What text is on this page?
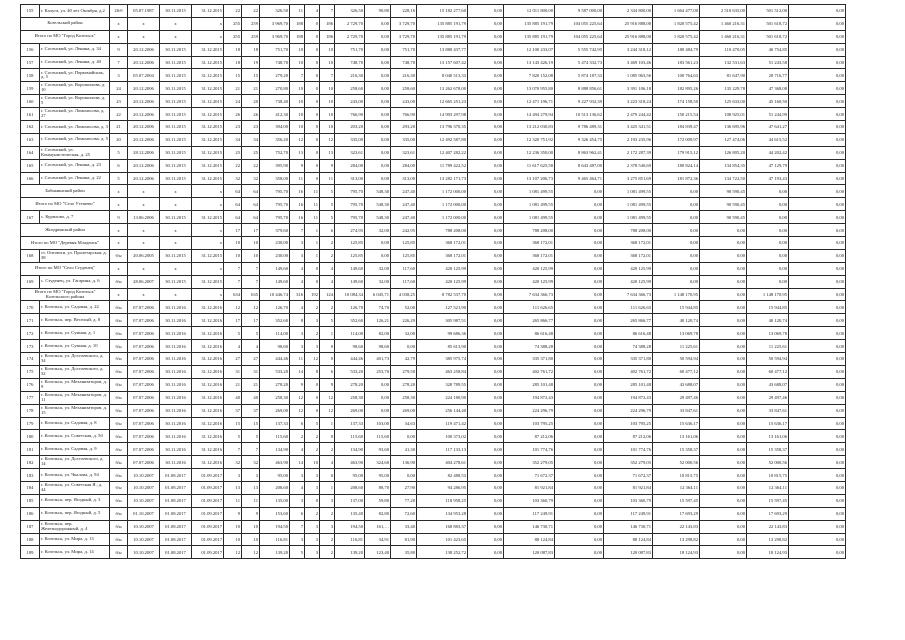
155	г. Калуга, ул. 40 лет Октября, д.2	26/б	05.07.1987	30.11.2015	31.12.2015	22	22	326,50	11	4	7	326,50	90,80	228,16	15 182 277,60	0,00	12 011 800,00	9 587 000,00	2 334 800,00	1 664 477,00	2 510 635,00	501 512,00	0,00
Козельский район		х	х	х	х	255	259	3 969,70	188	0	186	2 729,70	0,00	3 729,70	135 885 191,79	0,00	135 885 191,79	104 055 225,64	25 916 888,00	1 820 575,42	1 460 216,31	501 618,72	0,00
Итого по МО "Город Козельск"		х	х	х	х	255	259	3 969,70	188	0	186	2 729,70	0,00	3 729,70	135 885 191,79	0,00	135 885 191,79	104 055 225,64	25 916 888,00	1 820 575,42	1 460 216,31	501 618,72	0,00
156	г. Сосенский, ул. Ленина, д. 34	9	20.12.2006	30.11.2015	31.12.2015	18	18	751,70	10	0	10	751,70	0,00	751,70	13 880 437,77	0,00	12 100 233,07	5 555 742,95	3 244 318,12	180 484,79	110 470,05	46 754,85	0,00
157	г. Сосенский, ул. Ленина, д. 40	7	20.12.2006	30.11.2015	31.12.2015	18	19	748,70	10	0	10	748,70	0,00	748,70	13 157 607,42	0,00	13 143 426,19	5 474 332,73	3 469 103,46	183 561,23	132 531,63	51 243,58	0,00
158	г. Сосенский, ул. Первомайская, д. 5	3	05.07.2004	30.11.2015	31.12.2015	15	15	279,20	7	0	7	216,30	0,00	216,30	8 040 513,33	0,00	7 820 152,08	5 874 187,33	1 085 963,56	100 764,63	81 647,90	28 716,77	0,00
159	г. Сосенский, ул. Ворошилова, д. 10	24	20.12.2006	30.11.2015	31.12.2015	21	21	270,80	10	0	10	258,60	0,00	258,60	13 262 678,00	0,00	13 070 955,80	8 888 856,61	3 391 106,18	182 895,26	135 229,78	47 368,00	0,00
160	г. Сосенский, ул. Ворошилова, д. 5	23	20.12.2006	30.11.2015	31.12.2015	24	20	738,40	10	0	10	243,00	0,00	243,00	12 665 251,23	0,00	12 471 196,71	9 227 932,39	3 223 318,24	174 158,50	125 633,00	45 160,50	0,00
161	г. Сосенский, ул. Ломоносова, д. 27	22	20.12.2006	30.11.2015	31.12.2015	26	26	412,30	10	0	10	766,90	0,00	766,90	14 993 297,98	0,00	14 494 279,94	10 513 136,62	2 479 244,42	150 215,54	108 925,01	51 244,99	0,00
162	г. Сосенский, ул. Ломоносова, д. 3	21	20.12.2006	30.11.2015	31.12.2015	23	23	394,00	10	0	10	203,20	0,00	293,20	13 796 370,35	0,00	13 212 030,83	9 786 489,31	3 425 341,51	184 839,47	136 695,96	47 641,27	0,00
163	г. Сосенский, ул. Ломоносова, д. 5	20	20.12.2006	30.11.2015	31.12.2015	34	34	356,20	12	0	12	335,00	0,00	335,00	12 492 587,80	0,00	12 320 751,92	9 326 454,75	2 193 235,96	172 009,97	127 474,06	44 615,52	0,00
164	г. Сосенский, ул. Коммунистическая, д. 25	5	28.12.2006	30.11.2015	31.12.2015	25	25	752,70	13	0	13	323,61	0,00	323,61	12 407 282,22	0,00	12 236 350,00	8 863 962,41	2 172 287,39	179 915,12	126 805,20	44 202,42	0,00
165	г. Сосенский, ул. Ленина, д. 23	6	20.12.2006	30.11.2015	31.12.2015	22	22	395,90	9	0	9	284,00	0,00	284,00	11 789 422,52	0,00	11 617 625,58	8 643 487,00	2 378 540,69	180 824,14	134 854,35	47 129,79	0,00
166	г. Сосенский, ул. Ленина, д. 22	5	20.12.2006	30.11.2015	31.12.2015	32	32	358,00	11	0	11	313,00	0,00	313,00	13 282 171,73	0,00	13 107 206,73	9 465 464,71	3 275 851,69	181 872,36	134 722,50	47 193,43	0,00
Бабынинский район		х	х	х	х	64	64	795,70	16	11	5	795,70	548,30	247,40	1 172 000,00	0,00	1 081 499,55	0,00	1 081 499,55	0,00	90 590,45	0,00	0,00
Итого по МО "Село Утешево"		х	х	х	х	64	64	795,70	16	11	5	795,70	548,30	247,40	1 172 000,00	0,00	1 081 499,55	0,00	1 081 499,55	0,00	90 590,45	0,00	0,00
167	с. Курилово, д. 7	9	13.06.2006	30.11.2015	31.12.2015	64	64	795,70	16	11	5	795,70	548,30	247,40	1 172 000,00	0,00	1 081 499,55	0,00	1 081 499,55	0,00	90 590,45	0,00	0,00
Жиздринский район		х	х	х	х	17	17	379,60	7	1	6	274,95	32,00	242,95	788 208,00	0,00	788 208,00	0,00	788 208,00	0,00	0,00	0,00	0,00
Итого по МО "Деревня Младенск"		х	х	х	х	10	10	230,00	3	1	2	125,85	0,00	125,85	368 172,01	0,00	368 172,01	0,00	368 172,01	0,00	0,00	0,00	0,00
168	ст. Оптоюхи, ул. Пролетарская, д. 38	б/н	20.06.2005	30.11.2015	31.12.2015	10	10	230,00	3	1	2	125,85	0,00	125,85	368 172,01	0,00	368 172,01	0,00	368 172,01	0,00	0,00	0,00	0,00
Итого по МО "Село Студенец"		х	х	х	х	7	7	149,60	4	0	4	149,60	32,00	117,60	420 125,99	0,00	420 125,99	0,00	420 125,99	0,00	0,00	0,00	0,00
169	с. Студенец, ул. Гагарина, д. 6	б/н	28.06.2007	30.11.2015	31.12.2015	7	7	149,60	4	0	4	149,60	32,00	117,60	420 125,99	0,00	420 125,99	0,00	420 125,99	0,00	0,00	0,00	0,00
Итого по МО "Город Козельск" Козельского района		х	х	х	х	634	635	10 446,74	316	192	124	10 084,34	6 045,71	4 038,25	8 782 537,70	0,00	7 634 366,73	0,00	7 634 366,73	1 148 170,95	0,00	1 148 170,95	0,00
170	г. Козельск, ул. Садовая, д. 22	б/н	07.07.2006	30.11.2016	31.12.2016	12	12	126,70	4	2	2	126,70	74,70	52,00	127 521,90	0,00	111 626,65	0,00	111 626,65	15 944,85	0,00	15 944,85	0,00
171	г. Козельск, пер. Веселый, д. 8	б/н	07.07.2006	30.11.2016	31.12.2016	17	17	352,60	8	3	5	352,60	126,21	226,29	305 987,51	0,00	265 866,77	0,00	265 866,77	40 120,74	0,00	40 120,74	0,00
172	г. Козельск, ул. Сумная, д. 1	б/н	07.07.2006	30.11.2016	31.12.2016	5	5	114,00	3	2	1	114,00	82,00	32,00	99 686,36	0,00	86 616,48	0,00	86 616,48	13 069,78	0,00	13 069,78	0,00
173	г. Козельск, ул. Сумная, д. 10	б/н	07.07.2006	30.11.2016	31.12.2016	4	4	98,60	3	3	0	98,60	98,60	0,00	85 613,90	0,00	74 388,28	0,00	74 388,28	11 225,61	0,00	11 225,61	0,00
174	г. Козельск, ул. Достоевского, д. 34	б/н	07.07.2006	30.11.2016	31.12.2016	27	27	444,46	11	12	0	444,46	401,73	42,79	385 975,74	0,00	335 371,80	0,00	335 371,80	50 594,94	0,00	50 594,94	0,00
175	г. Козельск, ул. Достоевского, д. 32	б/н	07.07.2006	30.11.2016	31.12.2016	31	31	533,20	14	8	6	533,20	253,70	279,50	463 258,84	0,00	402 761,72	0,00	402 761,72	60 477,12	0,00	60 477,12	0,00
176	г. Козельск, ул. Механизаторов, д. 9	б/н	07.07.2006	30.11.2016	31.12.2016	21	21	278,20	9	0	9	278,20	0,00	278,20	328 789,55	0,00	285 101,48	0,00	285 101,48	43 688,07	0,00	43 688,07	0,00
177	г. Козельск, ул. Механизаторов, д. 11	б/н	07.07.2006	30.11.2016	31.12.2016	40	40	258,30	12	0	12	258,30	0,00	258,30	224 180,90	0,00	194 872,43	0,00	194 872,43	29 497,46	0,00	29 497,46	0,00
178	г. Козельск, ул. Механизаторов, д. 15	б/н	07.07.2006	30.11.2016	31.12.2016	37	37	269,00	12	0	12	269,00	0,00	269,00	256 144,40	0,00	224 296,79	0,00	224 296,79	33 847,61	0,00	33 847,61	0,00
179	г. Козельск, ул. Садовая, д. 8	б/н	07.07.2006	30.11.2016	31.12.2016	15	15	137,33	6	5	1	137,33	103,00	34,63	119 471,42	0,00	103 795,25	0,00	103 795,25	15 636,17	0,00	15 636,17	0,00
180	г. Козельск, ул. Советская, д. 50	б/н	07.07.2006	30.11.2016	31.12.2016	5	5	115,60	2	2	0	115,60	115,60	0,00	100 373,02	0,00	87 212,06	0,00	87 212,06	13 161,06	0,00	13 161,06	0,00
181	г. Козельск, ул. Садовая, д. 9	б/н	07.07.2006	30.11.2016	31.12.2016	7	7	134,90	4	2	2	134,90	93,60	41,30	117 133,13	0,00	101 774,76	0,00	101 774,76	15 358,37	0,00	15 358,37	0,00
182	г. Козельск, ул. Достоевского, д. 14	б/н	07.07.2006	30.11.2016	31.12.2016	32	32	463,90	14	10	4	463,90	324,60	136,90	404 278,61	0,00	352 279,05	0,00	352 279,05	52 000,56	0,00	52 000,56	0,00
183	г. Козельск, ул. Чкалова, д. 94	б/н	10.10.2007	01.08.2017	01.09.2017	3	3	95,00	3	3	0	95,00	95,00	0,00	82 488,53	0,00	71 672,37	0,00	71 672,37	10 815,75	0,00	10 815,75	0,00
184	г. Козельск, ул. Советская Я., д. 44	б/н	10.10.2007	01.08.2017	01.09.2017	13	13	208,60	4	3	1	208,60	88,70	27,90	94 286,95	0,00	81 921,84	0,00	81 921,84	12 364,11	0,00	12 364,11	0,00
185	г. Козельск, пер. Ягодный, д. 3	б/н	10.10.2007	01.08.2017	01.09.2017	11	11	135,00	3	0	3	137,00	59,80	77,20	118 958,25	0,00	103 360,79	0,00	103 360,79	15 597,45	0,00	15 597,45	0,00
186	г. Козельск, пер. Ягодный, д. 5	б/н	01.10.2007	01.08.2017	01.09.2017	9	9	153,60	6	2	2	135,40	82,80	72,60	134 953,28	0,00	117 249,91	0,00	117 249,91	17 693,29	0,00	17 693,29	0,00
187	г. Козельск, пер. Железнодорожный, д. 4	б/н	10.10.2007	01.08.2017	01.09.2017	10	10	194,50	7	3	3	194,50	161,…	33,40	168 883,37	0,00	146 730,71	0,00	146 730,71	22 143,83	0,00	22 143,83	0,00
188	г. Козельск, ул. Мира, д. 13	б/н	10.10.2007	01.08.2017	01.09.2017	10	10	116,81	3	3	2	116,81	34,91	81,90	101 423,65	0,00	88 124,84	0,00	88 124,84	13 298,82	0,00	13 298,82	0,00
189	г. Козельск, ул. Мира, д. 14	б/н	10.10.2007	01.08.2017	01.09.2017	12	12	139,20	5	3	2	139,20	123,40	35,80	138 252,72	0,00	120 087,83	0,00	120 087,83	18 124,93	0,00	18 124,93	0,00
